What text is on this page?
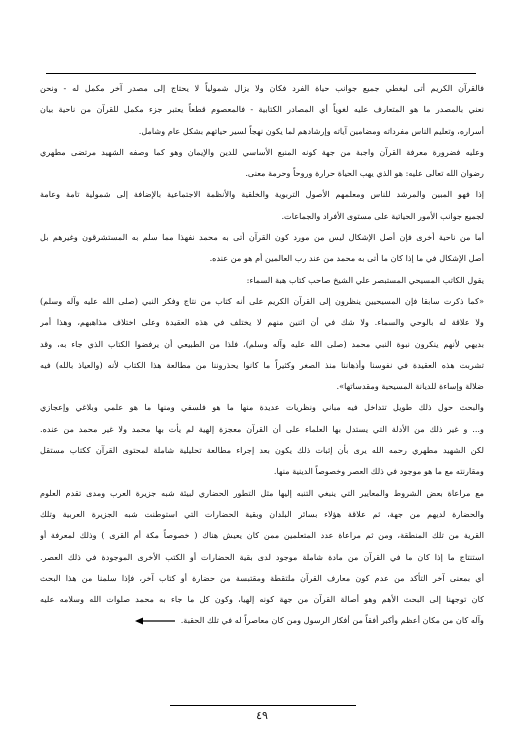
فالقرآن الكريم أتى ليغطي جميع جوانب حياة الفرد فكان ولا يزال شمولياً لا يحتاج إلى مصدر آخر مكمل له - ونحن
نعني بالمصدر ما هو المتعارف عليه لغوياً أي المصادر الكتابية - فالمعصوم قطعاً يعتبر جزء مكمل للقرآن من ناحية بيان
أسراره، وتعليم الناس مفرداته ومضامين آياته وإرشادهم لما يكون نهجاً لسير حياتهم بشكل عام وشامل.
وعليه فضرورة معرفة القرآن واجبة من جهة كونه المنبع الأساسي للدين والإيمان وهو كما وصفه الشهيد مرتضى مطهري
رضوان الله تعالى عليه: هو الذي يهب الحياة حرارة وروحاً وحرمة معنى.
إذا فهو المبين والمرشد للناس ومعلمهم الأصول التربوية والخلقية والأنظمة الاجتماعية بالإضافة إلى شمولية تامة وعامة
لجميع جوانب الأمور الحياتية على مستوى الأفراد والجماعات.
أما من ناحية أخرى فإن أصل الإشكال ليس من مورد كون القرآن أتى به محمد نفهذا مما سلم به المستشرقون وغيرهم بل
أصل الإشكال في ما إذا كان ما أتى به محمد من عند رب العالمين أم هو من عنده.
يقول الكاتب المسيحي المستبصر علي الشيخ صاحب كتاب هبة السماء:
«كما ذكرت سابقا فإن المسيحيين ينظرون إلى القرآن الكريم على أنه كتاب من نتاج وفكر النبي (صلى الله عليه وآله وسلم)
ولا علاقة له بالوحي والسماء. ولا شك في أن اثنين منهم لا يختلف في هذه العقيدة وعلى اختلاف مذاهبهم، وهذا أمر
بديهي لأنهم ينكرون نبوة النبي محمد (صلى الله عليه وآله وسلم)، فلذا من الطبيعي أن يرفضوا الكتاب الذي جاء به، وقد
تشربت هذه العقيدة في نفوسنا وأذهاننا منذ الصغر وكثيراً ما كانوا يحذروننا من مطالعة هذا الكتاب لأنه (والعياذ بالله) فيه
ضلالة وإساءة للديانة المسيحية ومقدساتها».
والبحث حول ذلك طويل تتداخل فيه مباني ونظريات عديدة منها ما هو فلسفي ومنها ما هو علمي وبلاغي وإعجازي
و... و غير ذلك من الأدلة التي يستدل بها العلماء على أن القرآن معجزة إلهية لم يأت بها محمد ولا غير محمد من عنده.
لكن الشهيد مطهري رحمه الله يرى بأن إثبات ذلك يكون بعد إجراء مطالعة تحليلية شاملة لمحتوى القرآن ككتاب مستقل
ومقارنته مع ما هو موجود في ذلك العصر وخصوصاً الدينية منها.
مع مراعاة بعض الشروط والمعايير التي ينبغي التنبه إليها مثل التطور الحضاري لبيئة شبه جزيرة العرب ومدى تقدم العلوم
والحضارة لديهم من جهة، ثم علاقة هؤلاء بسائر البلدان وبقية الحضارات التي استوطنت شبه الجزيرة العربية وتلك
القرية من تلك المنطقة، ومن ثم مراعاة عدد المتعلمين ممن كان يعيش هناك ( خصوصاً مكة أم القرى ) وذلك لمعرفة أو
استنتاج ما إذا كان ما في القرآن من مادة شاملة موجود لدى بقية الحضارات أو الكتب الأخرى الموجودة في ذلك العصر.
أي بمعنى آخر التأكد من عدم كون معارف القرآن ملتقطة ومقتبسة من حضارة أو كتاب آخر، فإذا سلمنا من هذا البحث
كان توجهنا إلى البحث الأهم وهو أصالة القرآن من جهة كونه إلهيا، وكون كل ما جاء به محمد صلوات الله وسلامه عليه
وآله كان من مكان أعظم وأكبر أفقاً من أفكار الرسول ومن كان معاصراً له في تلك الحقبة.
٤٩
